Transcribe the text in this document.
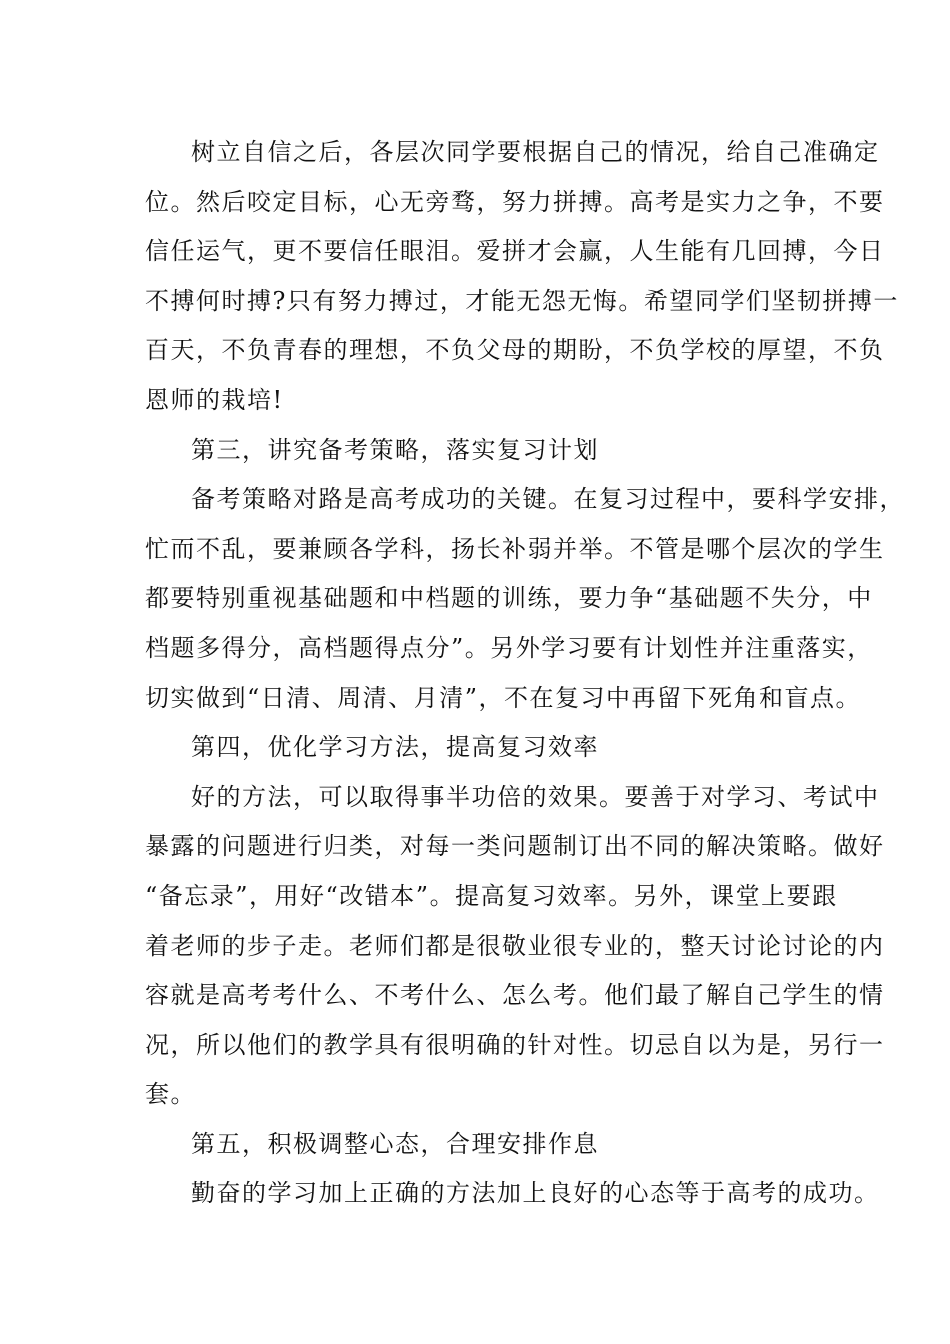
树立自信之后，各层次同学要根据自己的情况，给自己准确定
位。然后咬定目标，心无旁骛，努力拼搏。高考是实力之争，不要
信任运气，更不要信任眼泪。爱拼才会赢，人生能有几回搏，今日
不搏何时搏?只有努力搏过，才能无怨无悔。希望同学们坚韧拼搏一
百天，不负青春的理想，不负父母的期盼，不负学校的厚望，不负
恩师的栽培!

第三，讲究备考策略，落实复习计划

备考策略对路是高考成功的关键。在复习过程中，要科学安排，
忙而不乱，要兼顾各学科，扬长补弱并举。不管是哪个层次的学生
都要特别重视基础题和中档题的训练，要力争“基础题不失分，中
档题多得分，高档题得点分”。另外学习要有计划性并注重落实，
切实做到“日清、周清、月清”，不在复习中再留下死角和盲点。

第四，优化学习方法，提高复习效率

好的方法，可以取得事半功倍的效果。要善于对学习、考试中
暴露的问题进行归类，对每一类问题制订出不同的解决策略。做好
“备忘录”，用好“改错本”。提高复习效率。另外，课堂上要跟
着老师的步子走。老师们都是很敬业很专业的，整天讨论讨论的内
容就是高考考什么、不考什么、怎么考。他们最了解自己学生的情
况，所以他们的教学具有很明确的针对性。切忌自以为是，另行一
套。

第五，积极调整心态，合理安排作息

勤奋的学习加上正确的方法加上良好的心态等于高考的成功。
